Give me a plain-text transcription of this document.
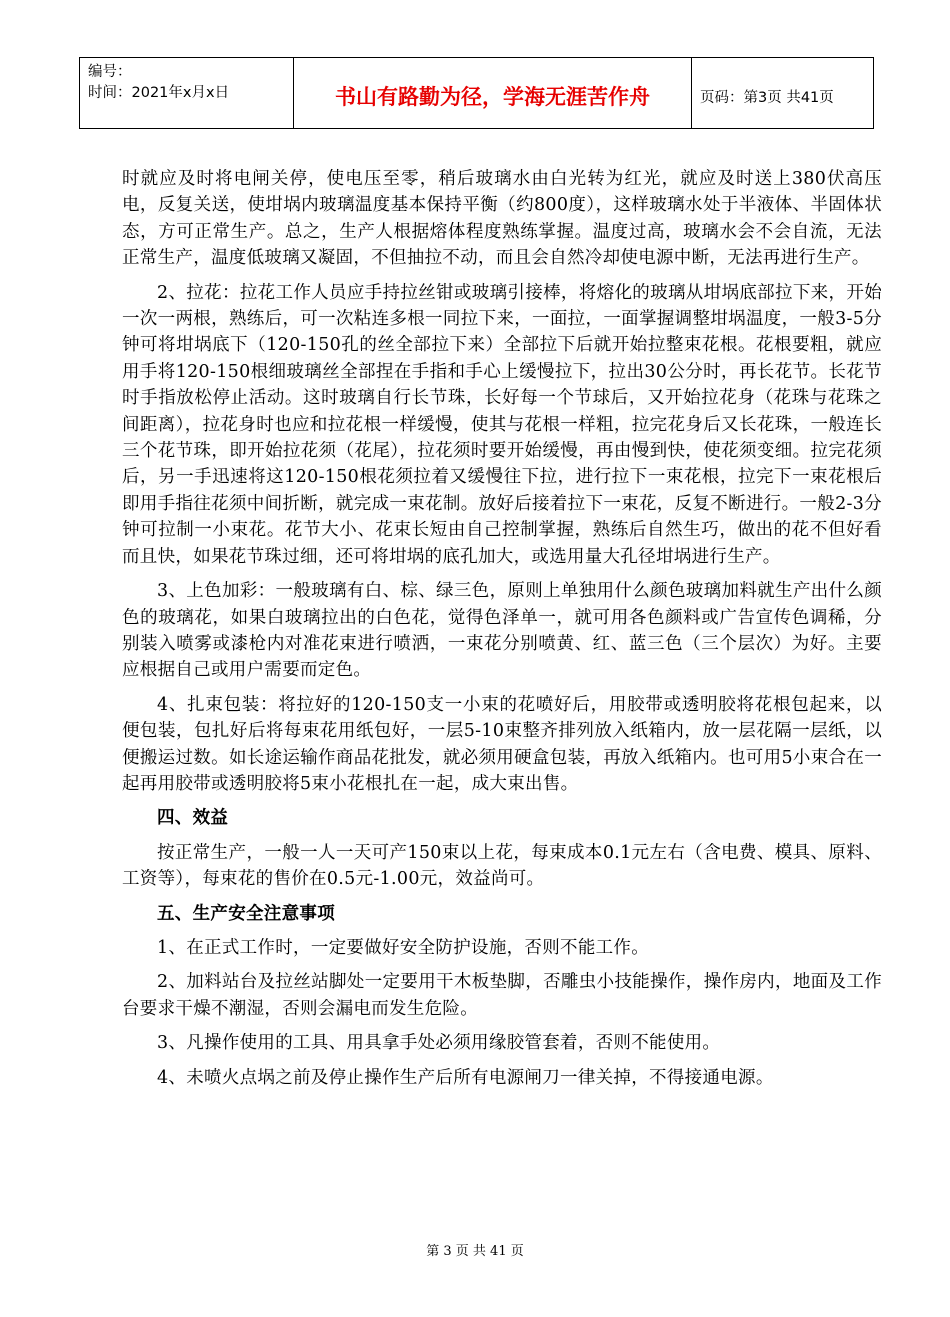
编号：
时间：2021年x月x日	书山有路勤为径，学海无涯苦作舟	页码：第3页 共41页

时就应及时将电闸关停，使电压至零，稍后玻璃水由白光转为红光，就应及时送上380伏高压电，反复关送，使坩埚内玻璃温度基本保持平衡（约800度），这样玻璃水处于半液体、半固体状态，方可正常生产。总之，生产人根据熔体程度熟练掌握。温度过高，玻璃水会不会自流，无法正常生产，温度低玻璃又凝固，不但抽拉不动，而且会自然冷却使电源中断，无法再进行生产。

2、拉花：拉花工作人员应手持拉丝钳或玻璃引接棒，将熔化的玻璃从坩埚底部拉下来，开始一次一两根，熟练后，可一次粘连多根一同拉下来，一面拉，一面掌握调整坩埚温度，一般3-5分钟可将坩埚底下（120-150孔的丝全部拉下来）全部拉下后就开始拉整束花根。花根要粗，就应用手将120-150根细玻璃丝全部捏在手指和手心上缓慢拉下，拉出30公分时，再长花节。长花节时手指放松停止活动。这时玻璃自行长节珠，长好每一个节球后，又开始拉花身（花珠与花珠之间距离），拉花身时也应和拉花根一样缓慢，使其与花根一样粗，拉完花身后又长花珠，一般连长三个花节珠，即开始拉花须（花尾），拉花须时要开始缓慢，再由慢到快，使花须变细。拉完花须后，另一手迅速将这120-150根花须拉着又缓慢往下拉，进行拉下一束花根，拉完下一束花根后即用手指往花须中间折断，就完成一束花制。放好后接着拉下一束花，反复不断进行。一般2-3分钟可拉制一小束花。花节大小、花束长短由自己控制掌握，熟练后自然生巧，做出的花不但好看而且快，如果花节珠过细，还可将坩埚的底孔加大，或选用量大孔径坩埚进行生产。

3、上色加彩：一般玻璃有白、棕、绿三色，原则上单独用什么颜色玻璃加料就生产出什么颜色的玻璃花，如果白玻璃拉出的白色花，觉得色泽单一，就可用各色颜料或广告宣传色调稀，分别装入喷雾或漆枪内对准花束进行喷洒，一束花分别喷黄、红、蓝三色（三个层次）为好。主要应根据自己或用户需要而定色。

4、扎束包装：将拉好的120-150支一小束的花喷好后，用胶带或透明胶将花根包起来，以便包装，包扎好后将每束花用纸包好，一层5-10束整齐排列放入纸箱内，放一层花隔一层纸，以便搬运过数。如长途运输作商品花批发，就必须用硬盒包装，再放入纸箱内。也可用5小束合在一起再用胶带或透明胶将5束小花根扎在一起，成大束出售。

四、效益

按正常生产，一般一人一天可产150束以上花，每束成本0.1元左右（含电费、模具、原料、工资等），每束花的售价在0.5元-1.00元，效益尚可。

五、生产安全注意事项

1、在正式工作时，一定要做好安全防护设施，否则不能工作。

2、加料站台及拉丝站脚处一定要用干木板垫脚，否雕虫小技能操作，操作房内，地面及工作台要求干燥不潮湿，否则会漏电而发生危险。

3、凡操作使用的工具、用具拿手处必须用缘胶管套着，否则不能使用。

4、未喷火点埚之前及停止操作生产后所有电源闸刀一律关掉，不得接通电源。

第 3 页 共 41 页
